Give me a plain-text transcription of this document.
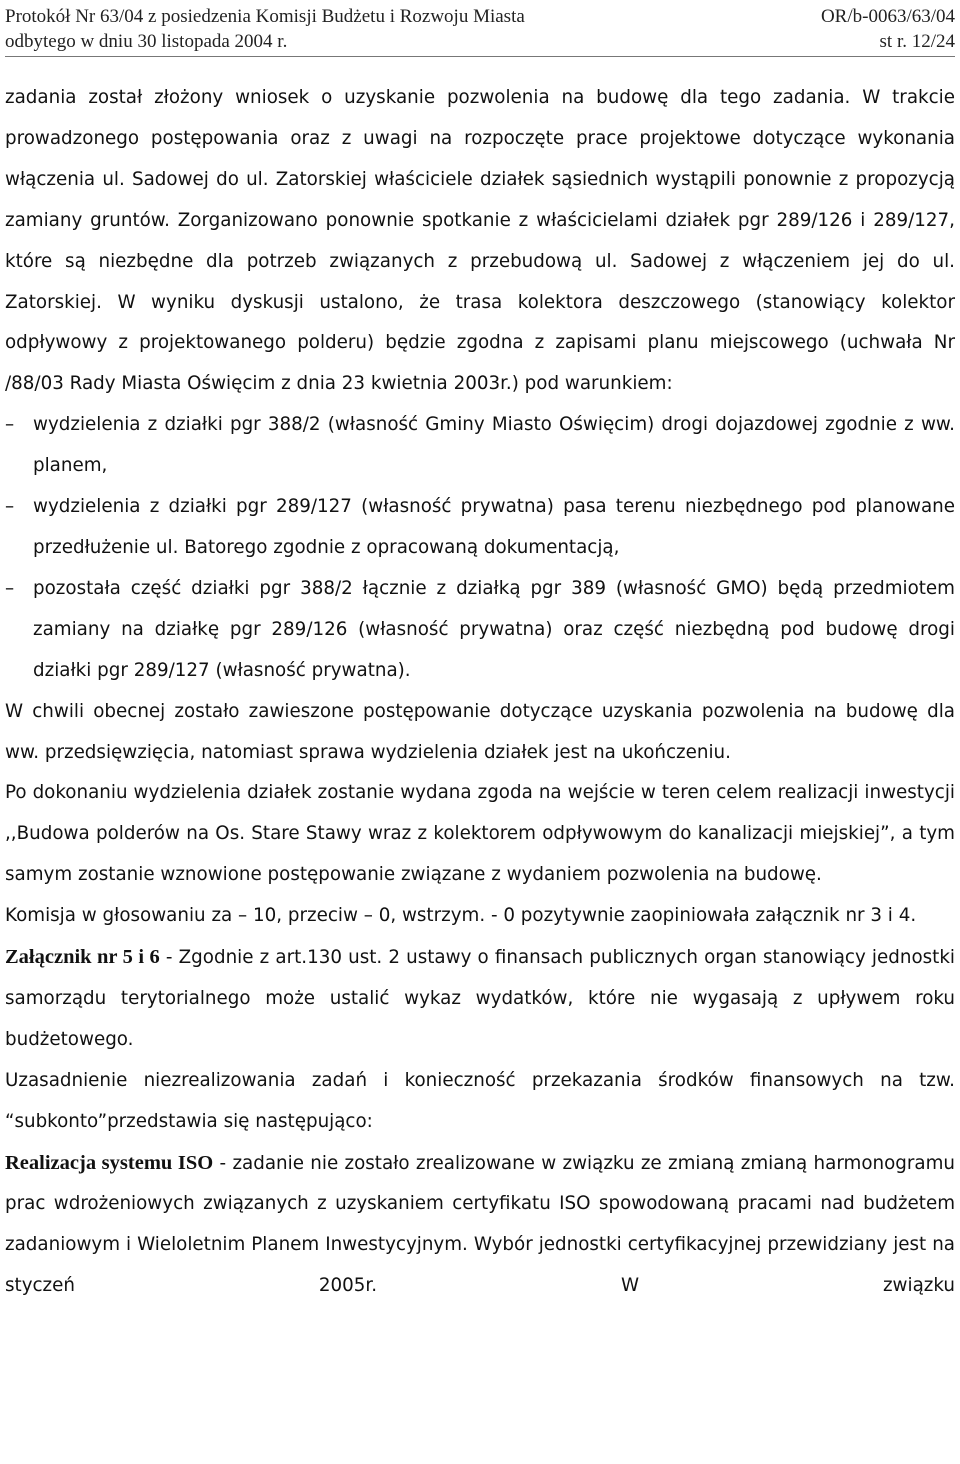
Protokół Nr 63/04 z posiedzenia Komisji Budżetu i Rozwoju Miasta	OR/b-0063/63/04
odbytego w dniu 30 listopada 2004 r.	st r. 12/24

zadania został złożony wniosek o uzyskanie pozwolenia na budowę dla tego zadania. W trakcie prowadzonego postępowania oraz z uwagi na rozpoczęte prace projektowe dotyczące wykonania włączenia ul. Sadowej do ul. Zatorskiej właściciele działek sąsiednich wystąpili ponownie z propozycją zamiany gruntów. Zorganizowano ponownie spotkanie z właścicielami działek pgr 289/126 i 289/127, które są niezbędne dla potrzeb związanych z przebudową ul. Sadowej z włączeniem jej do ul. Zatorskiej. W wyniku dyskusji ustalono, że trasa kolektora deszczowego (stanowiący kolektor odpływowy z projektowanego polderu) będzie zgodna z zapisami planu miejscowego (uchwała Nr /88/03 Rady Miasta Oświęcim z dnia 23 kwietnia 2003r.) pod warunkiem:

–	wydzielenia z działki pgr 388/2 (własność Gminy Miasto Oświęcim) drogi dojazdowej zgodnie z ww. planem,
–	wydzielenia z działki pgr 289/127 (własność prywatna) pasa terenu niezbędnego pod planowane przedłużenie ul. Batorego zgodnie z opracowaną dokumentacją,
–	pozostała część działki pgr 388/2 łącznie z działką pgr 389 (własność GMO) będą przedmiotem zamiany na działkę pgr 289/126 (własność prywatna) oraz część niezbędną pod budowę drogi działki pgr 289/127 (własność prywatna).

W chwili obecnej zostało zawieszone postępowanie dotyczące uzyskania pozwolenia na budowę dla ww. przedsięwzięcia, natomiast sprawa wydzielenia działek jest na ukończeniu.

Po dokonaniu wydzielenia działek zostanie wydana zgoda na wejście w teren celem realizacji inwestycji ,,Budowa polderów na Os. Stare Stawy wraz z kolektorem odpływowym do kanalizacji miejskiej”, a tym samym zostanie wznowione postępowanie związane z wydaniem pozwolenia na budowę.

Komisja w głosowaniu za – 10, przeciw – 0, wstrzym. - 0 pozytywnie zaopiniowała załącznik nr 3 i 4.

Załącznik nr 5 i 6 - Zgodnie z art.130 ust. 2 ustawy o finansach publicznych organ stanowiący jednostki samorządu terytorialnego może ustalić wykaz wydatków, które nie wygasają z upływem roku budżetowego.

Uzasadnienie niezrealizowania zadań i konieczność przekazania środków finansowych na tzw. “subkonto”przedstawia się następująco:

Realizacja systemu ISO - zadanie nie zostało zrealizowane w związku ze zmianą zmianą harmonogramu prac wdrożeniowych związanych z uzyskaniem certyfikatu ISO spowodowaną pracami nad budżetem zadaniowym i Wieloletnim Planem Inwestycyjnym. Wybór jednostki certyfikacyjnej przewidziany jest na styczeń 2005r. W związku
